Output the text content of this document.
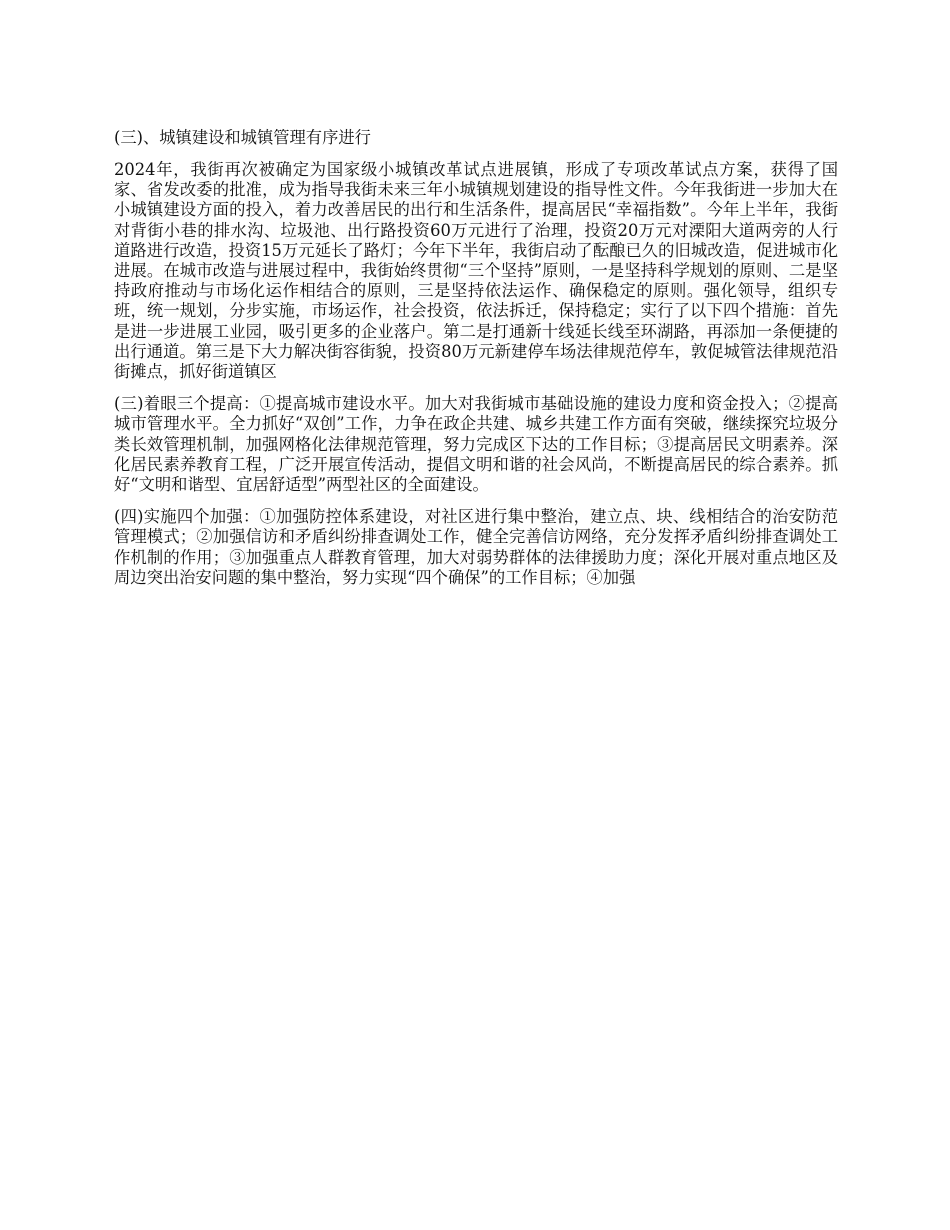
(三)、城镇建设和城镇管理有序进行

2024年，我街再次被确定为国家级小城镇改革试点进展镇，形成了专项改革试点方案，获得了国家、省发改委的批准，成为指导我街未来三年小城镇规划建设的指导性文件。今年我街进一步加大在小城镇建设方面的投入，着力改善居民的出行和生活条件，提高居民“幸福指数”。今年上半年，我街对背街小巷的排水沟、垃圾池、出行路投资60万元进行了治理，投资20万元对溧阳大道两旁的人行道路进行改造，投资15万元延长了路灯；今年下半年，我街启动了酝酿已久的旧城改造，促进城市化进展。在城市改造与进展过程中，我街始终贯彻“三个坚持”原则，一是坚持科学规划的原则、二是坚持政府推动与市场化运作相结合的原则，三是坚持依法运作、确保稳定的原则。强化领导，组织专班，统一规划，分步实施，市场运作，社会投资，依法拆迁，保持稳定；实行了以下四个措施：首先是进一步进展工业园，吸引更多的企业落户。第二是打通新十线延长线至环湖路，再添加一条便捷的出行通道。第三是下大力解决街容街貌，投资80万元新建停车场法律规范停车，敦促城管法律规范沿街摊点，抓好街道镇区

(三)着眼三个提高：①提高城市建设水平。加大对我街城市基础设施的建设力度和资金投入；②提高城市管理水平。全力抓好“双创”工作，力争在政企共建、城乡共建工作方面有突破，继续探究垃圾分类长效管理机制，加强网格化法律规范管理，努力完成区下达的工作目标；③提高居民文明素养。深化居民素养教育工程，广泛开展宣传活动，提倡文明和谐的社会风尚，不断提高居民的综合素养。抓好“文明和谐型、宜居舒适型”两型社区的全面建设。

(四)实施四个加强：①加强防控体系建设，对社区进行集中整治，建立点、块、线相结合的治安防范管理模式；②加强信访和矛盾纠纷排查调处工作，健全完善信访网络，充分发挥矛盾纠纷排查调处工作机制的作用；③加强重点人群教育管理，加大对弱势群体的法律援助力度；深化开展对重点地区及周边突出治安问题的集中整治，努力实现“四个确保”的工作目标；④加强
